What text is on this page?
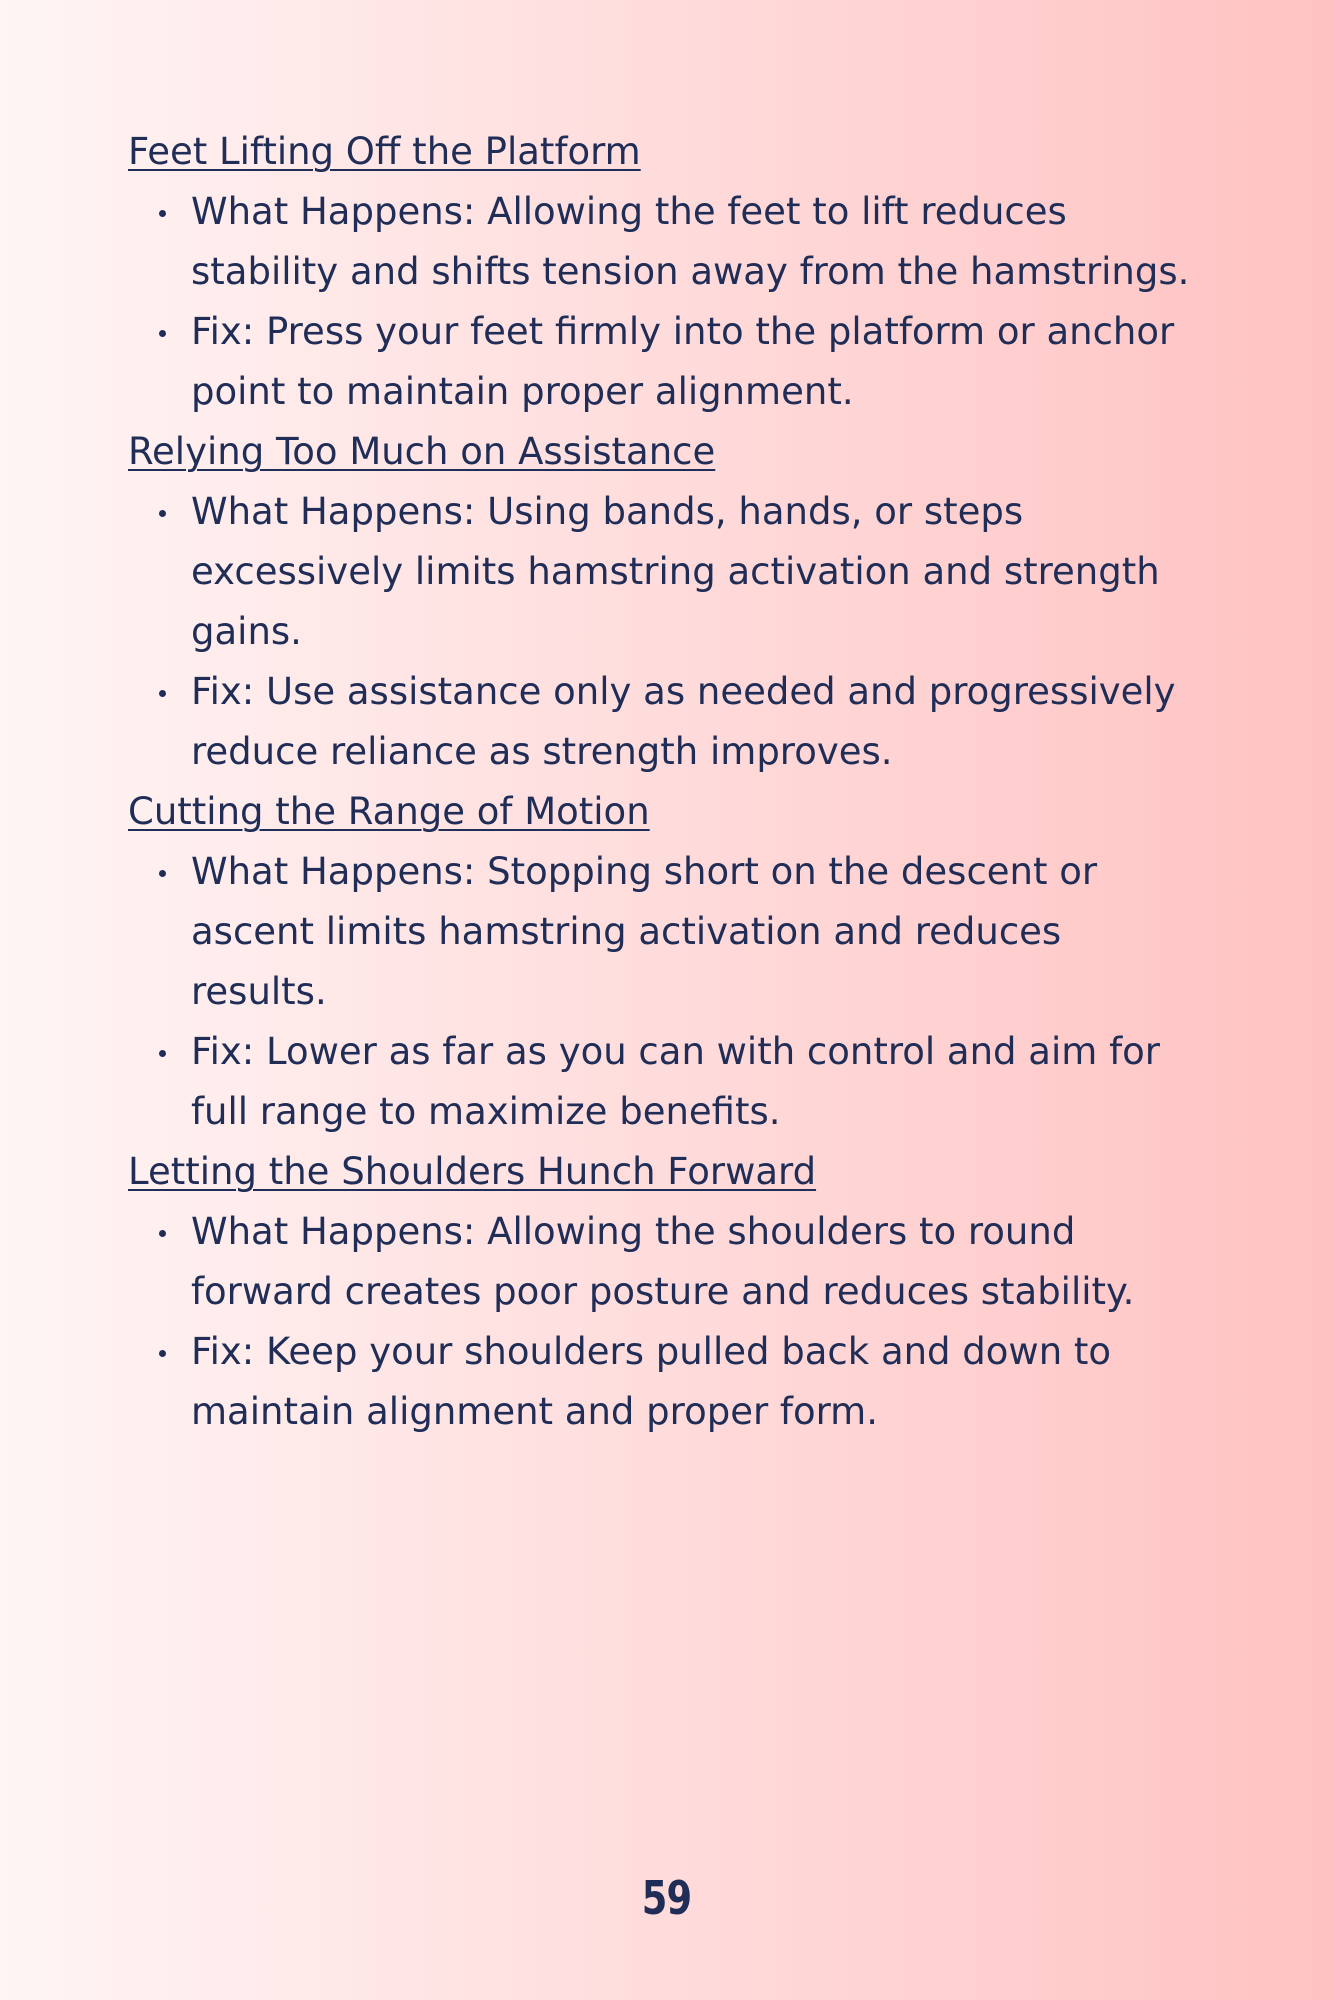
Feet Lifting Off the Platform
What Happens: Allowing the feet to lift reduces stability and shifts tension away from the hamstrings.
Fix: Press your feet firmly into the platform or anchor point to maintain proper alignment.
Relying Too Much on Assistance
What Happens: Using bands, hands, or steps excessively limits hamstring activation and strength gains.
Fix: Use assistance only as needed and progressively reduce reliance as strength improves.
Cutting the Range of Motion
What Happens: Stopping short on the descent or ascent limits hamstring activation and reduces results.
Fix: Lower as far as you can with control and aim for full range to maximize benefits.
Letting the Shoulders Hunch Forward
What Happens: Allowing the shoulders to round forward creates poor posture and reduces stability.
Fix: Keep your shoulders pulled back and down to maintain alignment and proper form.
59
